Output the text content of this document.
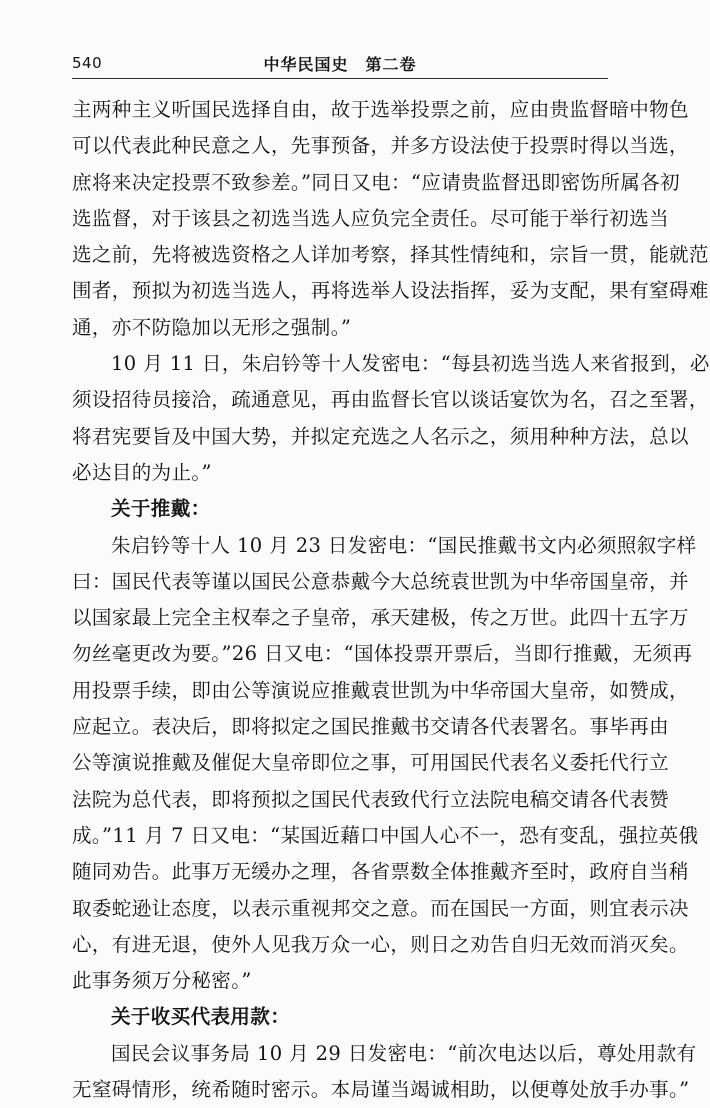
540	中华民国史　第二卷
主两种主义听国民选择自由，故于选举投票之前，应由贵监督暗中物色
可以代表此种民意之人，先事预备，并多方设法使于投票时得以当选，
庶将来决定投票不致参差。”同日又电：“应请贵监督迅即密饬所属各初
选监督，对于该县之初选当选人应负完全责任。尽可能于举行初选当
选之前，先将被选资格之人详加考察，择其性情纯和，宗旨一贯，能就范
围者，预拟为初选当选人，再将选举人设法指挥，妥为支配，果有窒碍难
通，亦不防隐加以无形之强制。”
10 月 11 日，朱启钤等十人发密电：“每县初选当选人来省报到，必
须设招待员接洽，疏通意见，再由监督长官以谈话宴饮为名，召之至署，
将君宪要旨及中国大势，并拟定充选之人名示之，须用种种方法，总以
必达目的为止。”
关于推戴：
朱启钤等十人 10 月 23 日发密电：“国民推戴书文内必须照叙字样
曰：国民代表等谨以国民公意恭戴今大总统袁世凯为中华帝国皇帝，并
以国家最上完全主权奉之子皇帝，承天建极，传之万世。此四十五字万
勿丝毫更改为要。”26 日又电：“国体投票开票后，当即行推戴，无须再
用投票手续，即由公等演说应推戴袁世凯为中华帝国大皇帝，如赞成，
应起立。表决后，即将拟定之国民推戴书交请各代表署名。事毕再由
公等演说推戴及催促大皇帝即位之事，可用国民代表名义委托代行立
法院为总代表，即将预拟之国民代表致代行立法院电稿交请各代表赞
成。”11 月 7 日又电：“某国近藉口中国人心不一，恐有变乱，强拉英俄
随同劝告。此事万无缓办之理，各省票数全体推戴齐至时，政府自当稍
取委蛇逊让态度，以表示重视邦交之意。而在国民一方面，则宜表示决
心，有进无退，使外人见我万众一心，则日之劝告自归无效而消灭矣。
此事务须万分秘密。”
关于收买代表用款：
国民会议事务局 10 月 29 日发密电：“前次电达以后，尊处用款有
无窒碍情形，统希随时密示。本局谨当竭诚相助，以便尊处放手办事。”
